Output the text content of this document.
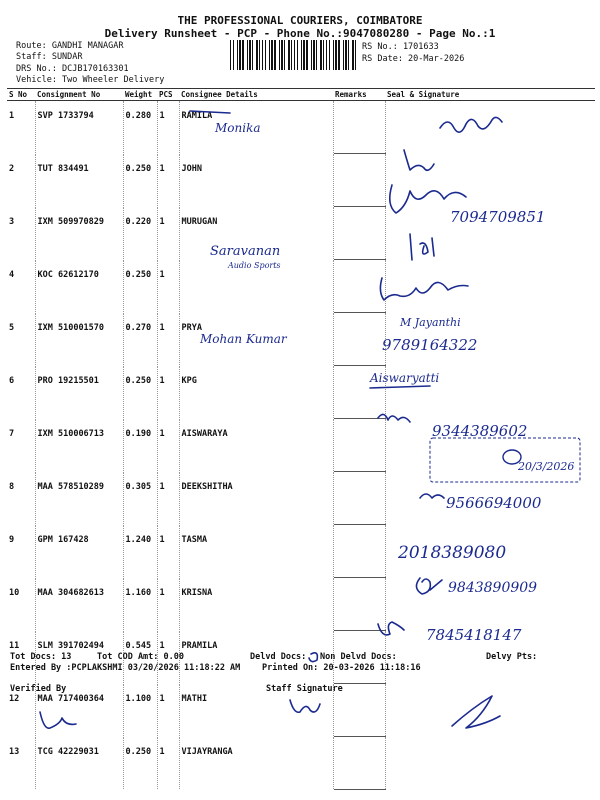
THE PROFESSIONAL COURIERS, COIMBATORE
Delivery Runsheet - PCP - Phone No.:9047080280 - Page No.:1
Route: GANDHI MANAGAR
Staff: SUNDAR
DRS No.: DCJB170163301
Vehicle: Two Wheeler Delivery
RS No.: 1701633
RS Date: 20-Mar-2026
S No	Consignment No	Weight	PCS	Consignee Details	Remarks	Seal & Signature
1	SVP 1733794	0.280	1	RAMILA		
2	TUT 834491	0.250	1	JOHN		
3	IXM 509970829	0.220	1	MURUGAN		
4	KOC 62612170	0.250	1			
5	IXM 510001570	0.270	1	PRYA		
6	PRO 19215501	0.250	1	KPG		
7	IXM 510006713	0.190	1	AISWARAYA		
8	MAA 578510289	0.305	1	DEEKSHITHA		
9	GPM 167428	1.240	1	TASMA		
10	MAA 304682613	1.160	1	KRISNA		
11	SLM 391702494	0.545	1	PRAMILA		
12	MAA 717400364	1.100	1	MATHI		
13	TCG 42229031	0.250	1	VIJAYRANGA		
Monika
7094709851
Saravanan
Audio Sports
Mohan Kumar
M Jayanthi
9789164322
Aiswaryatti
9344389602
20/3/2026
9566694000
2018389080
9843890909
7845418147
Tot Docs: 13	Tot COD Amt: 0.00	Delvd Docs: Non Delvd Docs:	Delvy Pts:
Entered By :PCPLAKSHMI 03/20/2026 11:18:22 AM	Printed On: 20-03-2026 11:18:16
Verified By	Staff Signature
